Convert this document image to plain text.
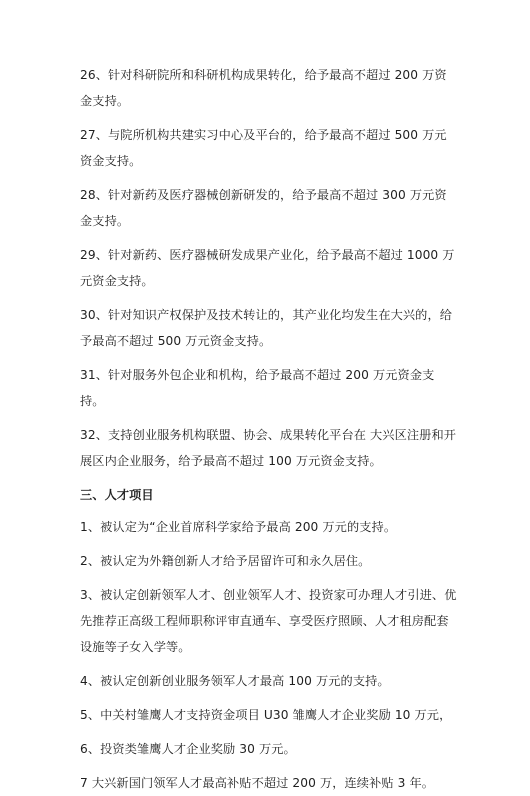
26、针对科研院所和科研机构成果转化，给予最高不超过 200 万资金支持。

27、与院所机构共建实习中心及平台的，给予最高不超过 500 万元资金支持。

28、针对新药及医疗器械创新研发的，给予最高不超过 300 万元资金支持。

29、针对新药、医疗器械研发成果产业化，给予最高不超过 1000 万元资金支持。

30、针对知识产权保护及技术转让的，其产业化均发生在大兴的，给予最高不超过 500 万元资金支持。

31、针对服务外包企业和机构，给予最高不超过 200 万元资金支持。

32、支持创业服务机构联盟、协会、成果转化平台在 大兴区注册和开展区内企业服务，给予最高不超过 100 万元资金支持。

三、人才项目

1、被认定为“企业首席科学家给予最高 200 万元的支持。

2、被认定为外籍创新人才给予居留许可和永久居住。

3、被认定创新领军人才、创业领军人才、投资家可办理人才引进、优先推荐正高级工程师职称评审直通车、享受医疗照顾、人才租房配套设施等子女入学等。

4、被认定创新创业服务领军人才最高 100 万元的支持。

5、中关村雏鹰人才支持资金项目 U30 雏鹰人才企业奖励 10 万元，

6、投资类雏鹰人才企业奖励 30 万元。

7 大兴新国门领军人才最高补贴不超过 200 万，连续补贴 3 年。
